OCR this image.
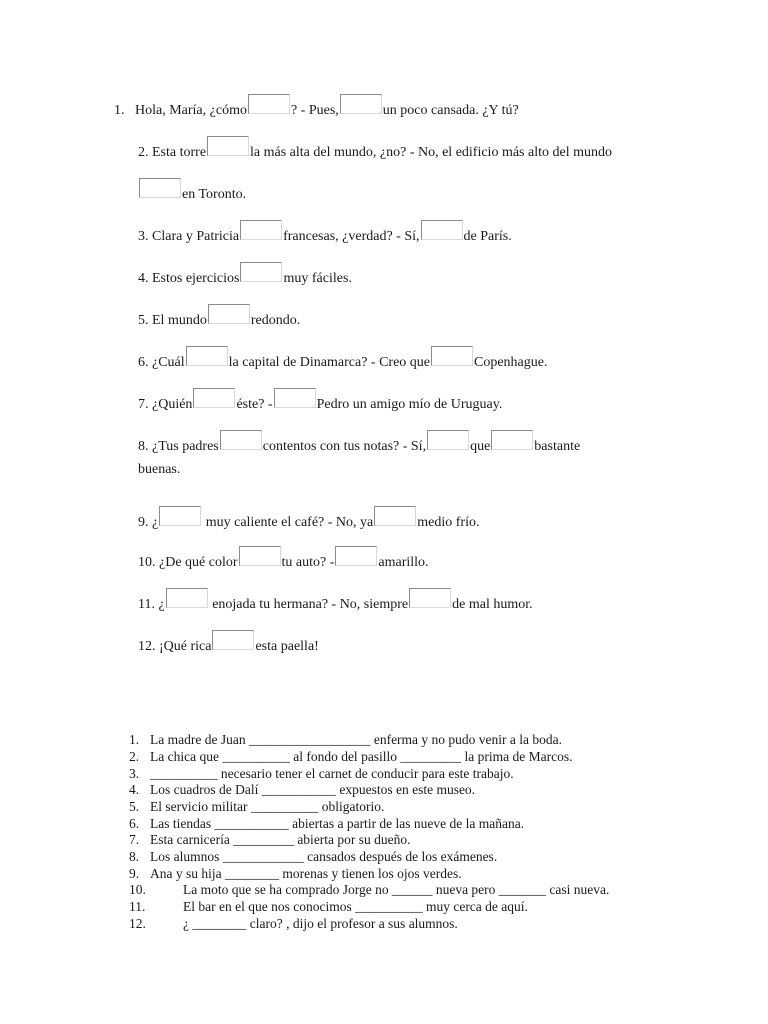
1. Hola, María, ¿cómo	? - Pues,	un poco cansada. ¿Y tú?
2. Esta torre	la más alta del mundo, ¿no? - No, el edificio más alto del mundo
en Toronto.
3. Clara y Patricia	francesas, ¿verdad? - Sí,	de París.
4. Estos ejercicios	muy fáciles.
5. El mundo	redondo.
6. ¿Cuál	la capital de Dinamarca? - Creo que	Copenhague.
7. ¿Quién	éste? -	Pedro un amigo mío de Uruguay.
8. ¿Tus padres	contentos con tus notas? - Sí,	que	bastante
buenas.
9. ¿	muy caliente el café? - No, ya	medio frío.
10. ¿De qué color	tu auto? -	amarillo.
11. ¿	enojada tu hermana? - No, siempre	de mal humor.
12. ¡Qué rica	esta paella!
1. La madre de Juan __________________ enferma y no pudo venir a la boda.
2. La chica que __________ al fondo del pasillo _________ la prima de Marcos.
3. __________ necesario tener el carnet de conducir para este trabajo.
4. Los cuadros de Dalí ___________ expuestos en este museo.
5. El servicio militar __________ obligatorio.
6. Las tiendas ___________ abiertas a partir de las nueve de la mañana.
7. Esta carnicería _________ abierta por su dueño.
8. Los alumnos ____________ cansados después de los exámenes.
9. Ana y su hija ________ morenas y tienen los ojos verdes.
10.	La moto que se ha comprado Jorge no ______ nueva pero _______ casi nueva.
11.	El bar en el que nos conocimos __________ muy cerca de aquí.
12.	¿ ________ claro? , dijo el profesor a sus alumnos.
